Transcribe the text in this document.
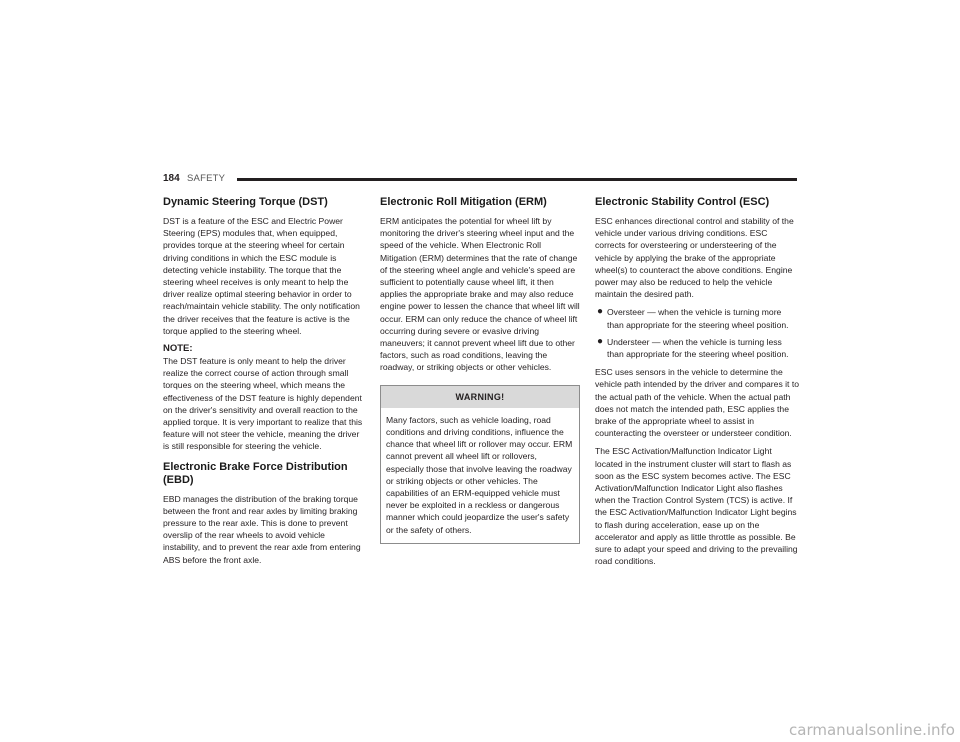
184 SAFETY
Dynamic Steering Torque (DST)

DST is a feature of the ESC and Electric Power Steering (EPS) modules that, when equipped, provides torque at the steering wheel for certain driving conditions in which the ESC module is detecting vehicle instability. The torque that the steering wheel receives is only meant to help the driver realize optimal steering behavior in order to reach/maintain vehicle stability. The only notification the driver receives that the feature is active is the torque applied to the steering wheel.

NOTE:

The DST feature is only meant to help the driver realize the correct course of action through small torques on the steering wheel, which means the effectiveness of the DST feature is highly dependent on the driver's sensitivity and overall reaction to the applied torque. It is very important to realize that this feature will not steer the vehicle, meaning the driver is still responsible for steering the vehicle.

Electronic Brake Force Distribution (EBD)

EBD manages the distribution of the braking torque between the front and rear axles by limiting braking pressure to the rear axle. This is done to prevent overslip of the rear wheels to avoid vehicle instability, and to prevent the rear axle from entering ABS before the front axle.

Electronic Roll Mitigation (ERM)

ERM anticipates the potential for wheel lift by monitoring the driver's steering wheel input and the speed of the vehicle. When Electronic Roll Mitigation (ERM) determines that the rate of change of the steering wheel angle and vehicle's speed are sufficient to potentially cause wheel lift, it then applies the appropriate brake and may also reduce engine power to lessen the chance that wheel lift will occur. ERM can only reduce the chance of wheel lift occurring during severe or evasive driving maneuvers; it cannot prevent wheel lift due to other factors, such as road conditions, leaving the roadway, or striking objects or other vehicles.

WARNING!
Many factors, such as vehicle loading, road conditions and driving conditions, influence the chance that wheel lift or rollover may occur. ERM cannot prevent all wheel lift or rollovers, especially those that involve leaving the roadway or striking objects or other vehicles. The capabilities of an ERM-equipped vehicle must never be exploited in a reckless or dangerous manner which could jeopardize the user's safety or the safety of others.
Electronic Stability Control (ESC)

ESC enhances directional control and stability of the vehicle under various driving conditions. ESC corrects for oversteering or understeering of the vehicle by applying the brake of the appropriate wheel(s) to counteract the above conditions. Engine power may also be reduced to help the vehicle maintain the desired path.

● Oversteer — when the vehicle is turning more than appropriate for the steering wheel position.
● Understeer — when the vehicle is turning less than appropriate for the steering wheel position.

ESC uses sensors in the vehicle to determine the vehicle path intended by the driver and compares it to the actual path of the vehicle. When the actual path does not match the intended path, ESC applies the brake of the appropriate wheel to assist in counteracting the oversteer or understeer condition.

The ESC Activation/Malfunction Indicator Light located in the instrument cluster will start to flash as soon as the ESC system becomes active. The ESC Activation/Malfunction Indicator Light also flashes when the Traction Control System (TCS) is active. If the ESC Activation/Malfunction Indicator Light begins to flash during acceleration, ease up on the accelerator and apply as little throttle as possible. Be sure to adapt your speed and driving to the prevailing road conditions.

carmanualsonline.info
